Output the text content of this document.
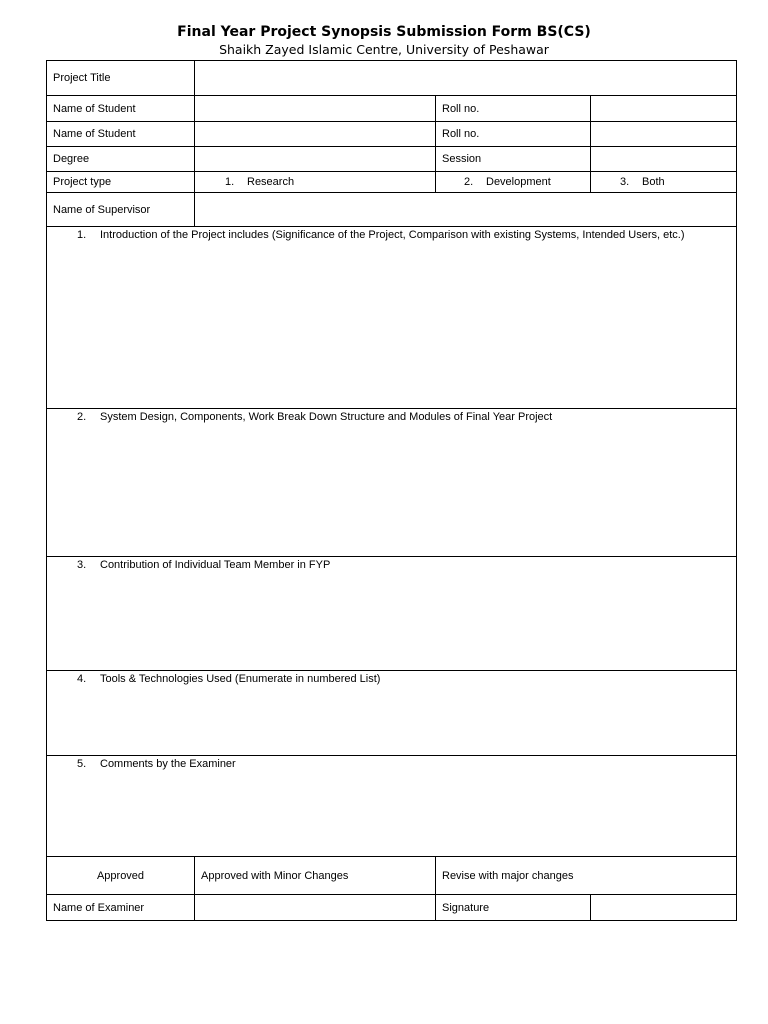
Final Year Project Synopsis Submission Form BS(CS)
Shaikh Zayed Islamic Centre, University of Peshawar
Project Title			
Name of Student		Roll no.	
Name of Student		Roll no.	
Degree		Session	
Project type	1. Research	2. Development	3. Both

Name of Supervisor			

1. Introduction of the Project includes (Significance of the Project, Comparison with existing Systems, Intended Users, etc.)			

2. System Design, Components, Work Break Down Structure and Modules of Final Year Project			

3. Contribution of Individual Team Member in FYP			

4. Tools & Technologies Used (Enumerate in numbered List)			

5. Comments by the Examiner			

Approved	Approved with Minor Changes	Revise with major changes	
Name of Examiner		Signature	
